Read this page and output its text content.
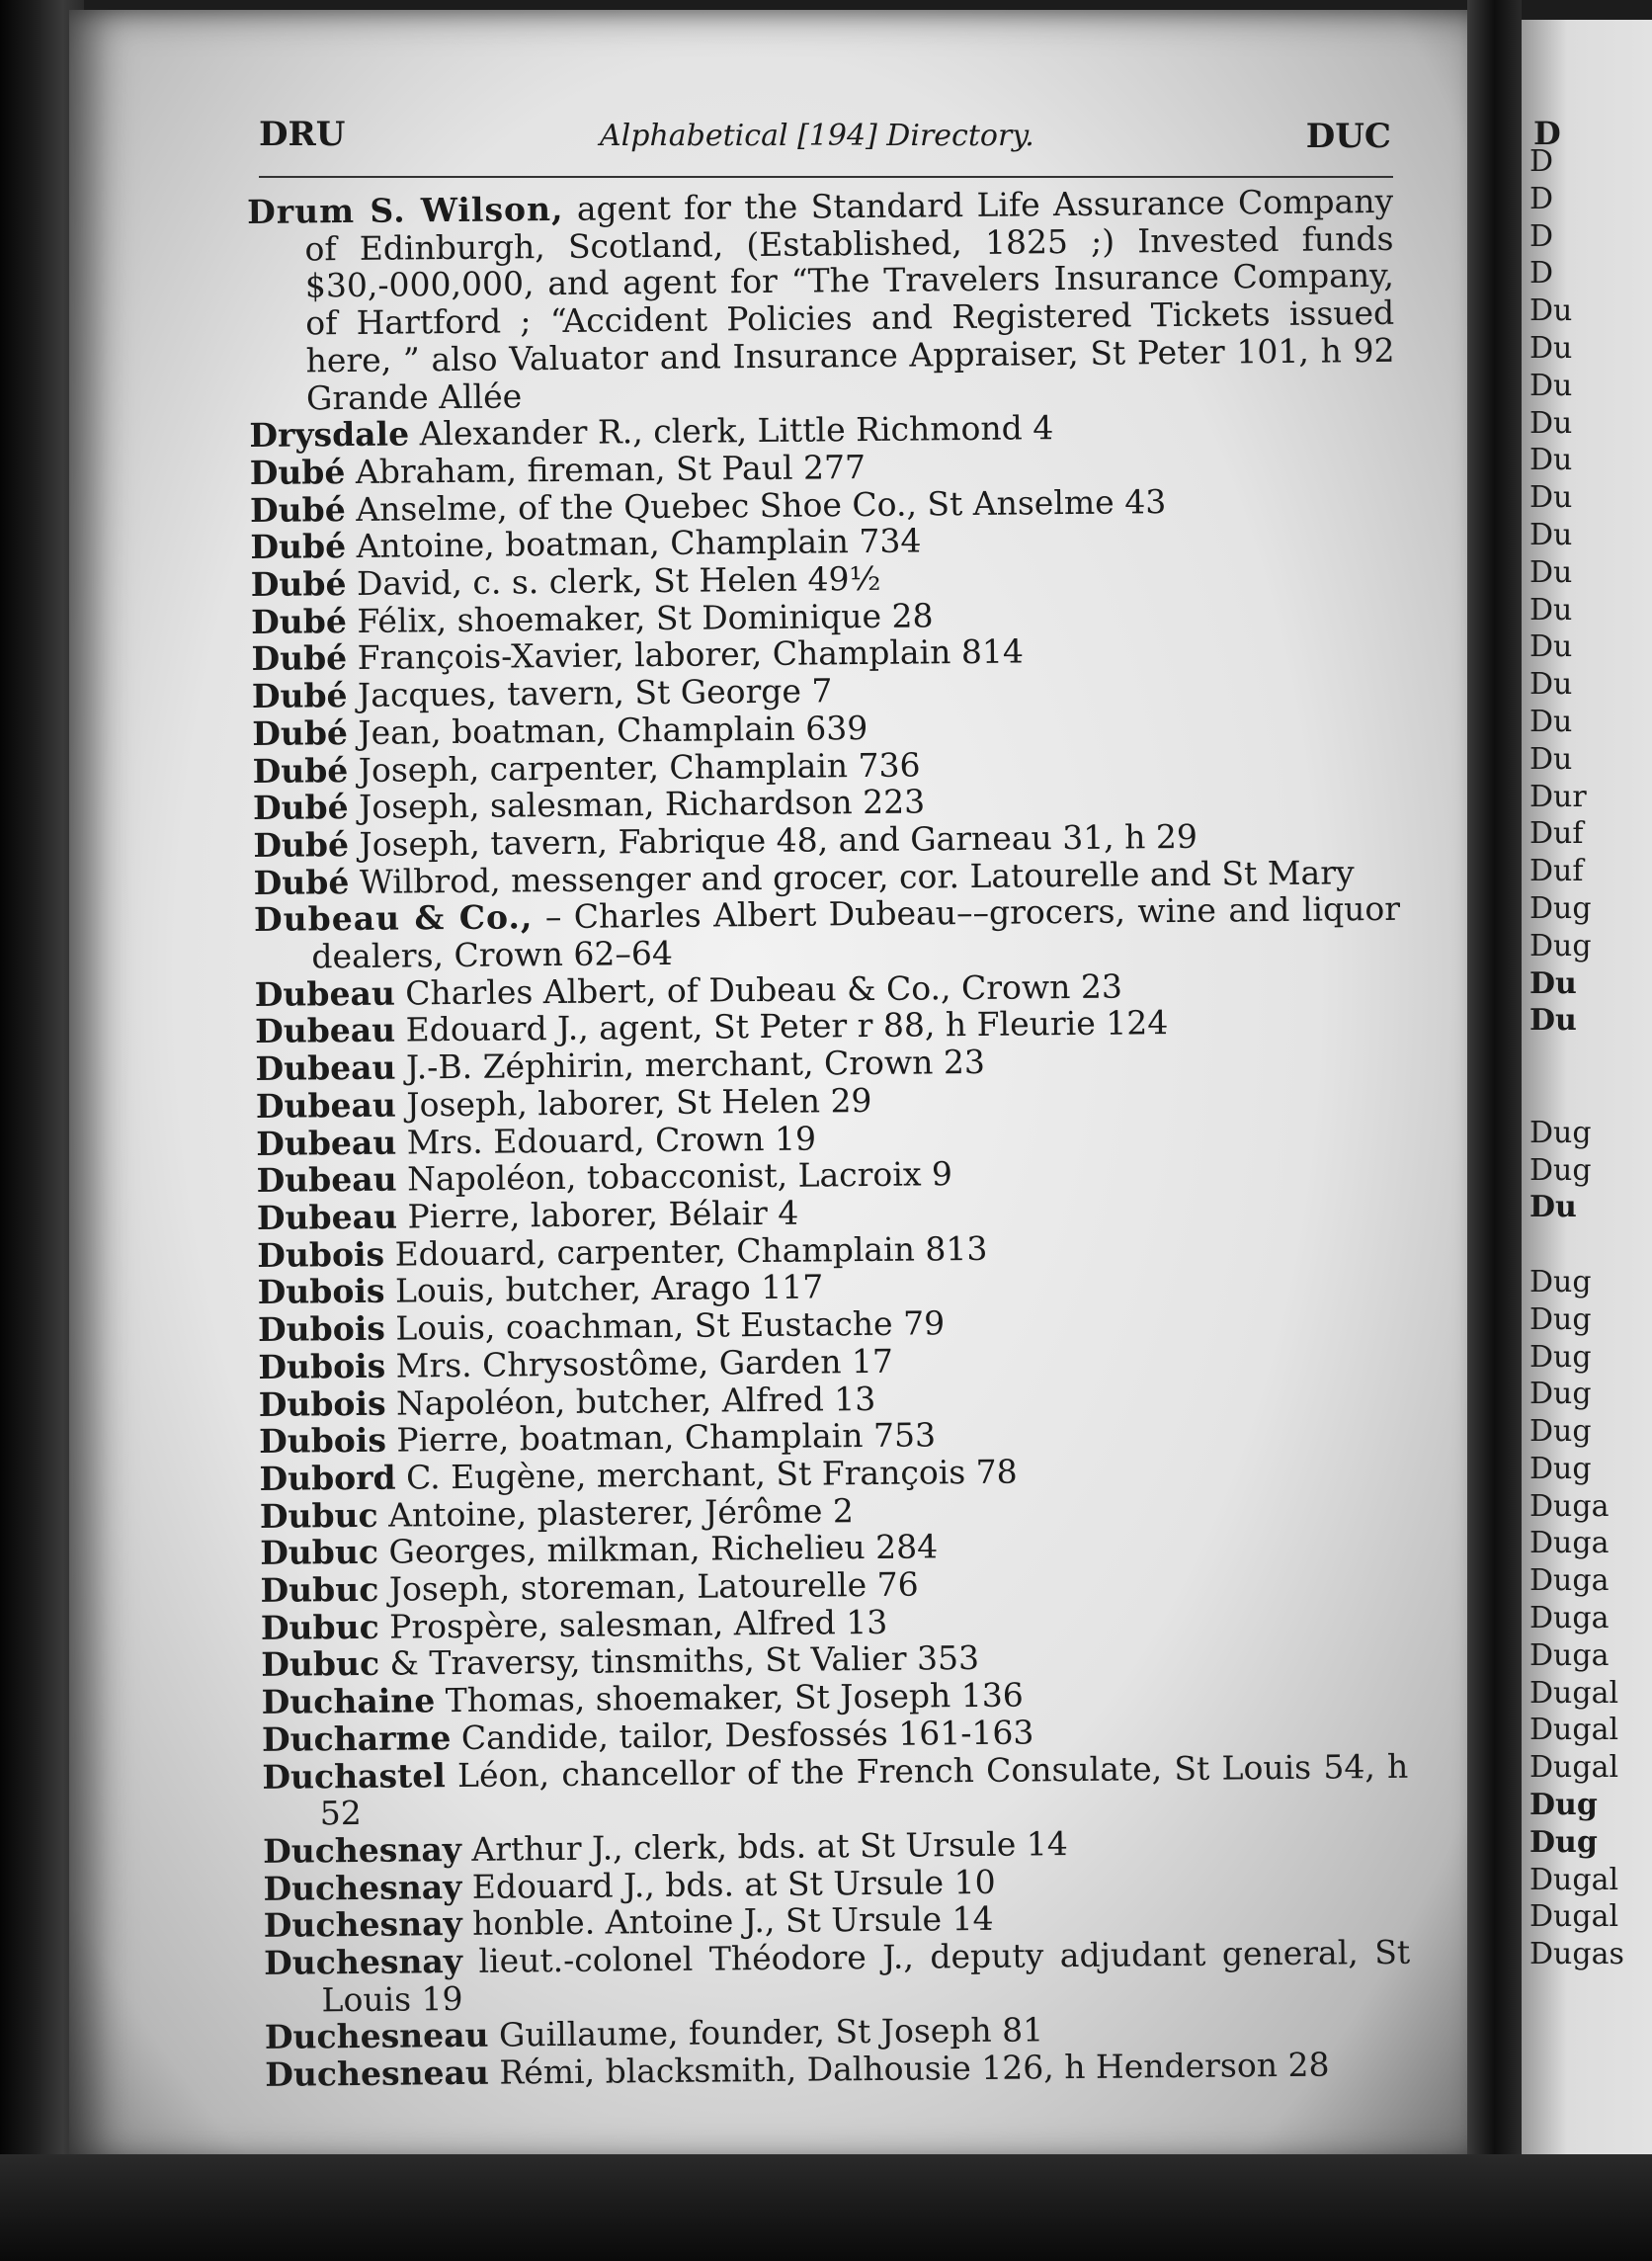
DRU	Alphabetical [194] Directory.	DUC

Drum S. Wilson, agent for the Standard Life Assurance Company of Edinburgh, Scotland, (Established, 1825 ;) Invested funds $30,-000,000, and agent for “The Travelers Insurance Company, of Hartford ; “Accident Policies and Registered Tickets issued here, ” also Valuator and Insurance Appraiser, St Peter 101, h 92 Grande Allée

Drysdale Alexander R., clerk, Little Richmond 4

Dubé Abraham, fireman, St Paul 277

Dubé Anselme, of the Quebec Shoe Co., St Anselme 43

Dubé Antoine, boatman, Champlain 734

Dubé David, c. s. clerk, St Helen 49½

Dubé Félix, shoemaker, St Dominique 28

Dubé François-Xavier, laborer, Champlain 814

Dubé Jacques, tavern, St George 7

Dubé Jean, boatman, Champlain 639

Dubé Joseph, carpenter, Champlain 736

Dubé Joseph, salesman, Richardson 223

Dubé Joseph, tavern, Fabrique 48, and Garneau 31, h 29

Dubé Wilbrod, messenger and grocer, cor. Latourelle and St Mary

Dubeau & Co., – Charles Albert Dubeau––grocers, wine and liquor dealers, Crown 62–64

Dubeau Charles Albert, of Dubeau & Co., Crown 23

Dubeau Edouard J., agent, St Peter r 88, h Fleurie 124

Dubeau J.-B. Zéphirin, merchant, Crown 23

Dubeau Joseph, laborer, St Helen 29

Dubeau Mrs. Edouard, Crown 19

Dubeau Napoléon, tobacconist, Lacroix 9

Dubeau Pierre, laborer, Bélair 4

Dubois Edouard, carpenter, Champlain 813

Dubois Louis, butcher, Arago 117

Dubois Louis, coachman, St Eustache 79

Dubois Mrs. Chrysostôme, Garden 17

Dubois Napoléon, butcher, Alfred 13

Dubois Pierre, boatman, Champlain 753

Dubord C. Eugène, merchant, St François 78

Dubuc Antoine, plasterer, Jérôme 2

Dubuc Georges, milkman, Richelieu 284

Dubuc Joseph, storeman, Latourelle 76

Dubuc Prospère, salesman, Alfred 13

Dubuc & Traversy, tinsmiths, St Valier 353

Duchaine Thomas, shoemaker, St Joseph 136

Ducharme Candide, tailor, Desfossés 161-163

Duchastel Léon, chancellor of the French Consulate, St Louis 54, h 52

Duchesnay Arthur J., clerk, bds. at St Ursule 14

Duchesnay Edouard J., bds. at St Ursule 10

Duchesnay honble. Antoine J., St Ursule 14

Duchesnay lieut.-colonel Théodore J., deputy adjudant general, St Louis 19

Duchesneau Guillaume, founder, St Joseph 81

Duchesneau Rémi, blacksmith, Dalhousie 126, h Henderson 28

D
D
D
D
D
Du
Du
Du
Du
Du
Du
Du
Du
Du
Du
Du
Du
Du
Dur
Duf
Duf
Dug
Dug
Du
Du
Dug
Dug
Du
Dug
Dug
Dug
Dug
Dug
Dug
Duga
Duga
Duga
Duga
Duga
Dugal
Dugal
Dugal
Dug
Dug
Dugal
Dugal
Dugas
